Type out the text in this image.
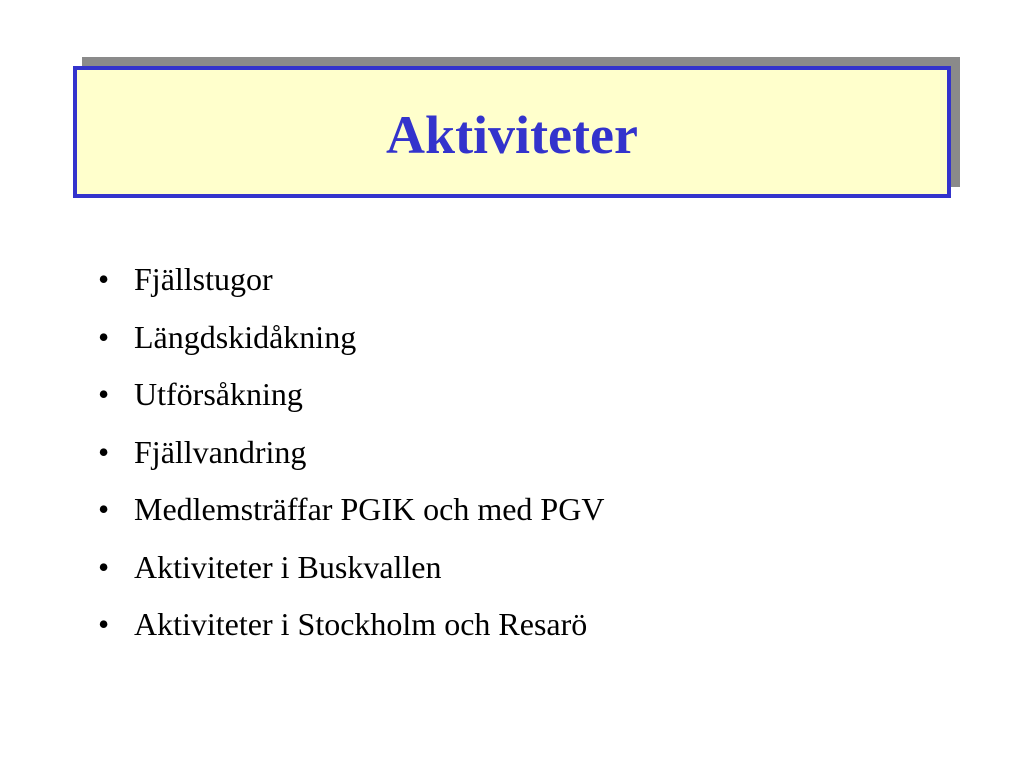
Aktiviteter
• Fjällstugor
• Längdskidåkning
• Utförsåkning
• Fjällvandring
• Medlemsträffar PGIK och med PGV
• Aktiviteter i Buskvallen
• Aktiviteter i Stockholm och Resarö
